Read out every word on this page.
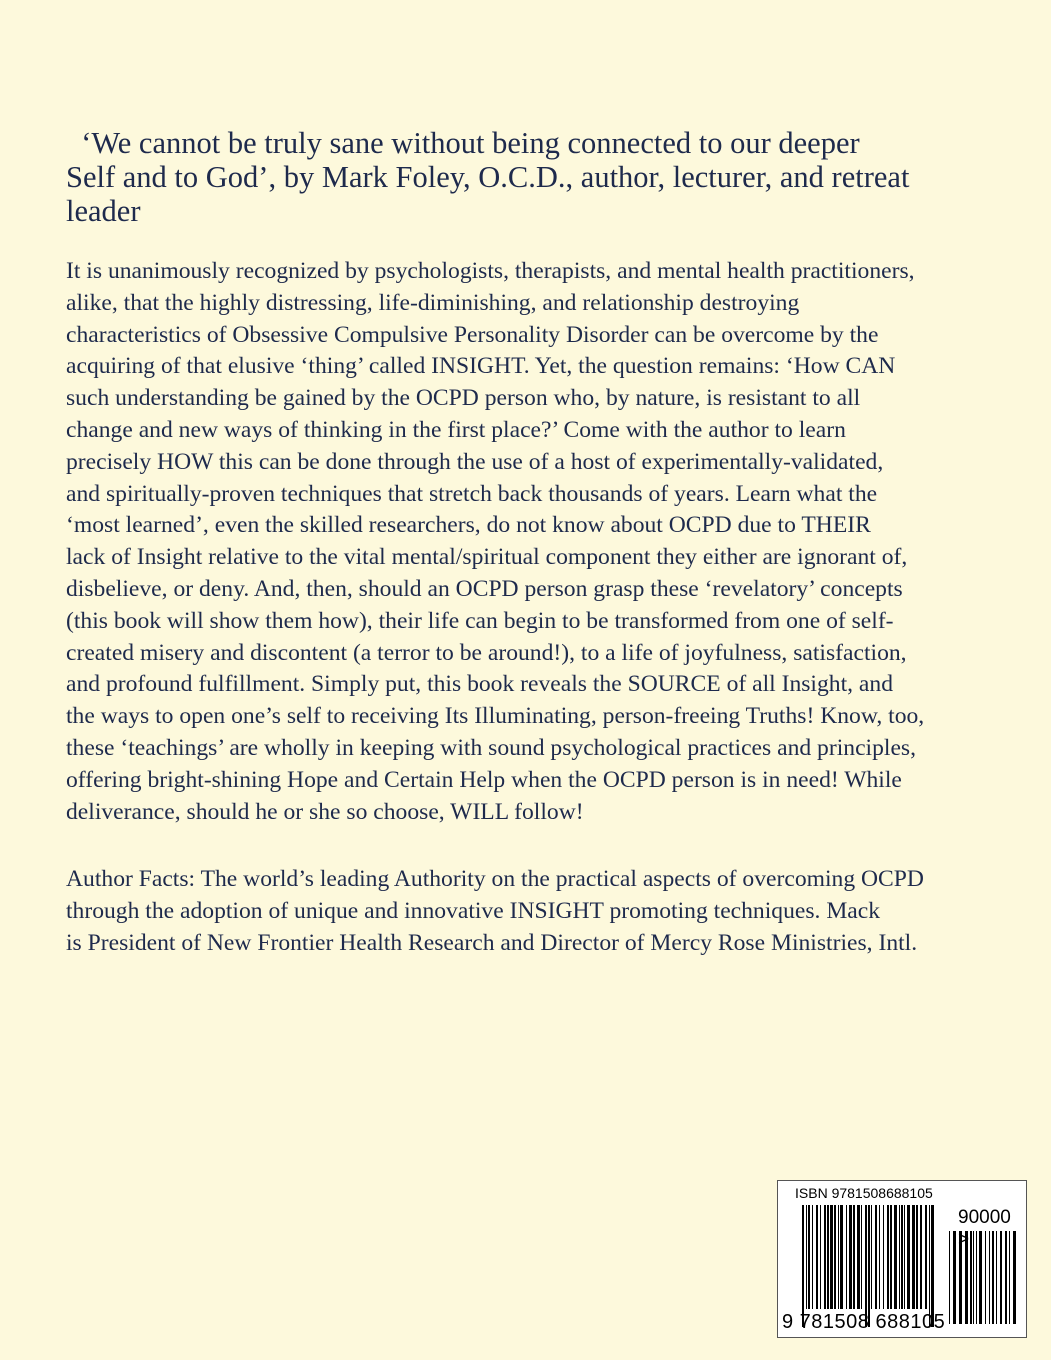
‘We cannot be truly sane without being connected to our deeper
Self and to God’, by Mark Foley, O.C.D., author, lecturer, and retreat
leader
It is unanimously recognized by psychologists, therapists, and mental health practitioners,
alike, that the highly distressing, life-diminishing, and relationship destroying
characteristics of Obsessive Compulsive Personality Disorder can be overcome by the
acquiring of that elusive ‘thing’ called INSIGHT. Yet, the question remains: ‘How CAN
such understanding be gained by the OCPD person who, by nature, is resistant to all
change and new ways of thinking in the first place?’ Come with the author to learn
precisely HOW this can be done through the use of a host of experimentally-validated,
and spiritually-proven techniques that stretch back thousands of years. Learn what the
‘most learned’, even the skilled researchers, do not know about OCPD due to THEIR
lack of Insight relative to the vital mental/spiritual component they either are ignorant of,
disbelieve, or deny. And, then, should an OCPD person grasp these ‘revelatory’ concepts
(this book will show them how), their life can begin to be transformed from one of self-
created misery and discontent (a terror to be around!), to a life of joyfulness, satisfaction,
and profound fulfillment. Simply put, this book reveals the SOURCE of all Insight, and
the ways to open one’s self to receiving Its Illuminating, person-freeing Truths! Know, too,
these ‘teachings’ are wholly in keeping with sound psychological practices and principles,
offering bright-shining Hope and Certain Help when the OCPD person is in need! While
deliverance, should he or she so choose, WILL follow!
Author Facts: The world’s leading Authority on the practical aspects of overcoming OCPD
through the adoption of unique and innovative INSIGHT promoting techniques. Mack
is President of New Frontier Health Research and Director of Mercy Rose Ministries, Intl.
ISBN 9781508688105
90000 >
9 781508 688105
